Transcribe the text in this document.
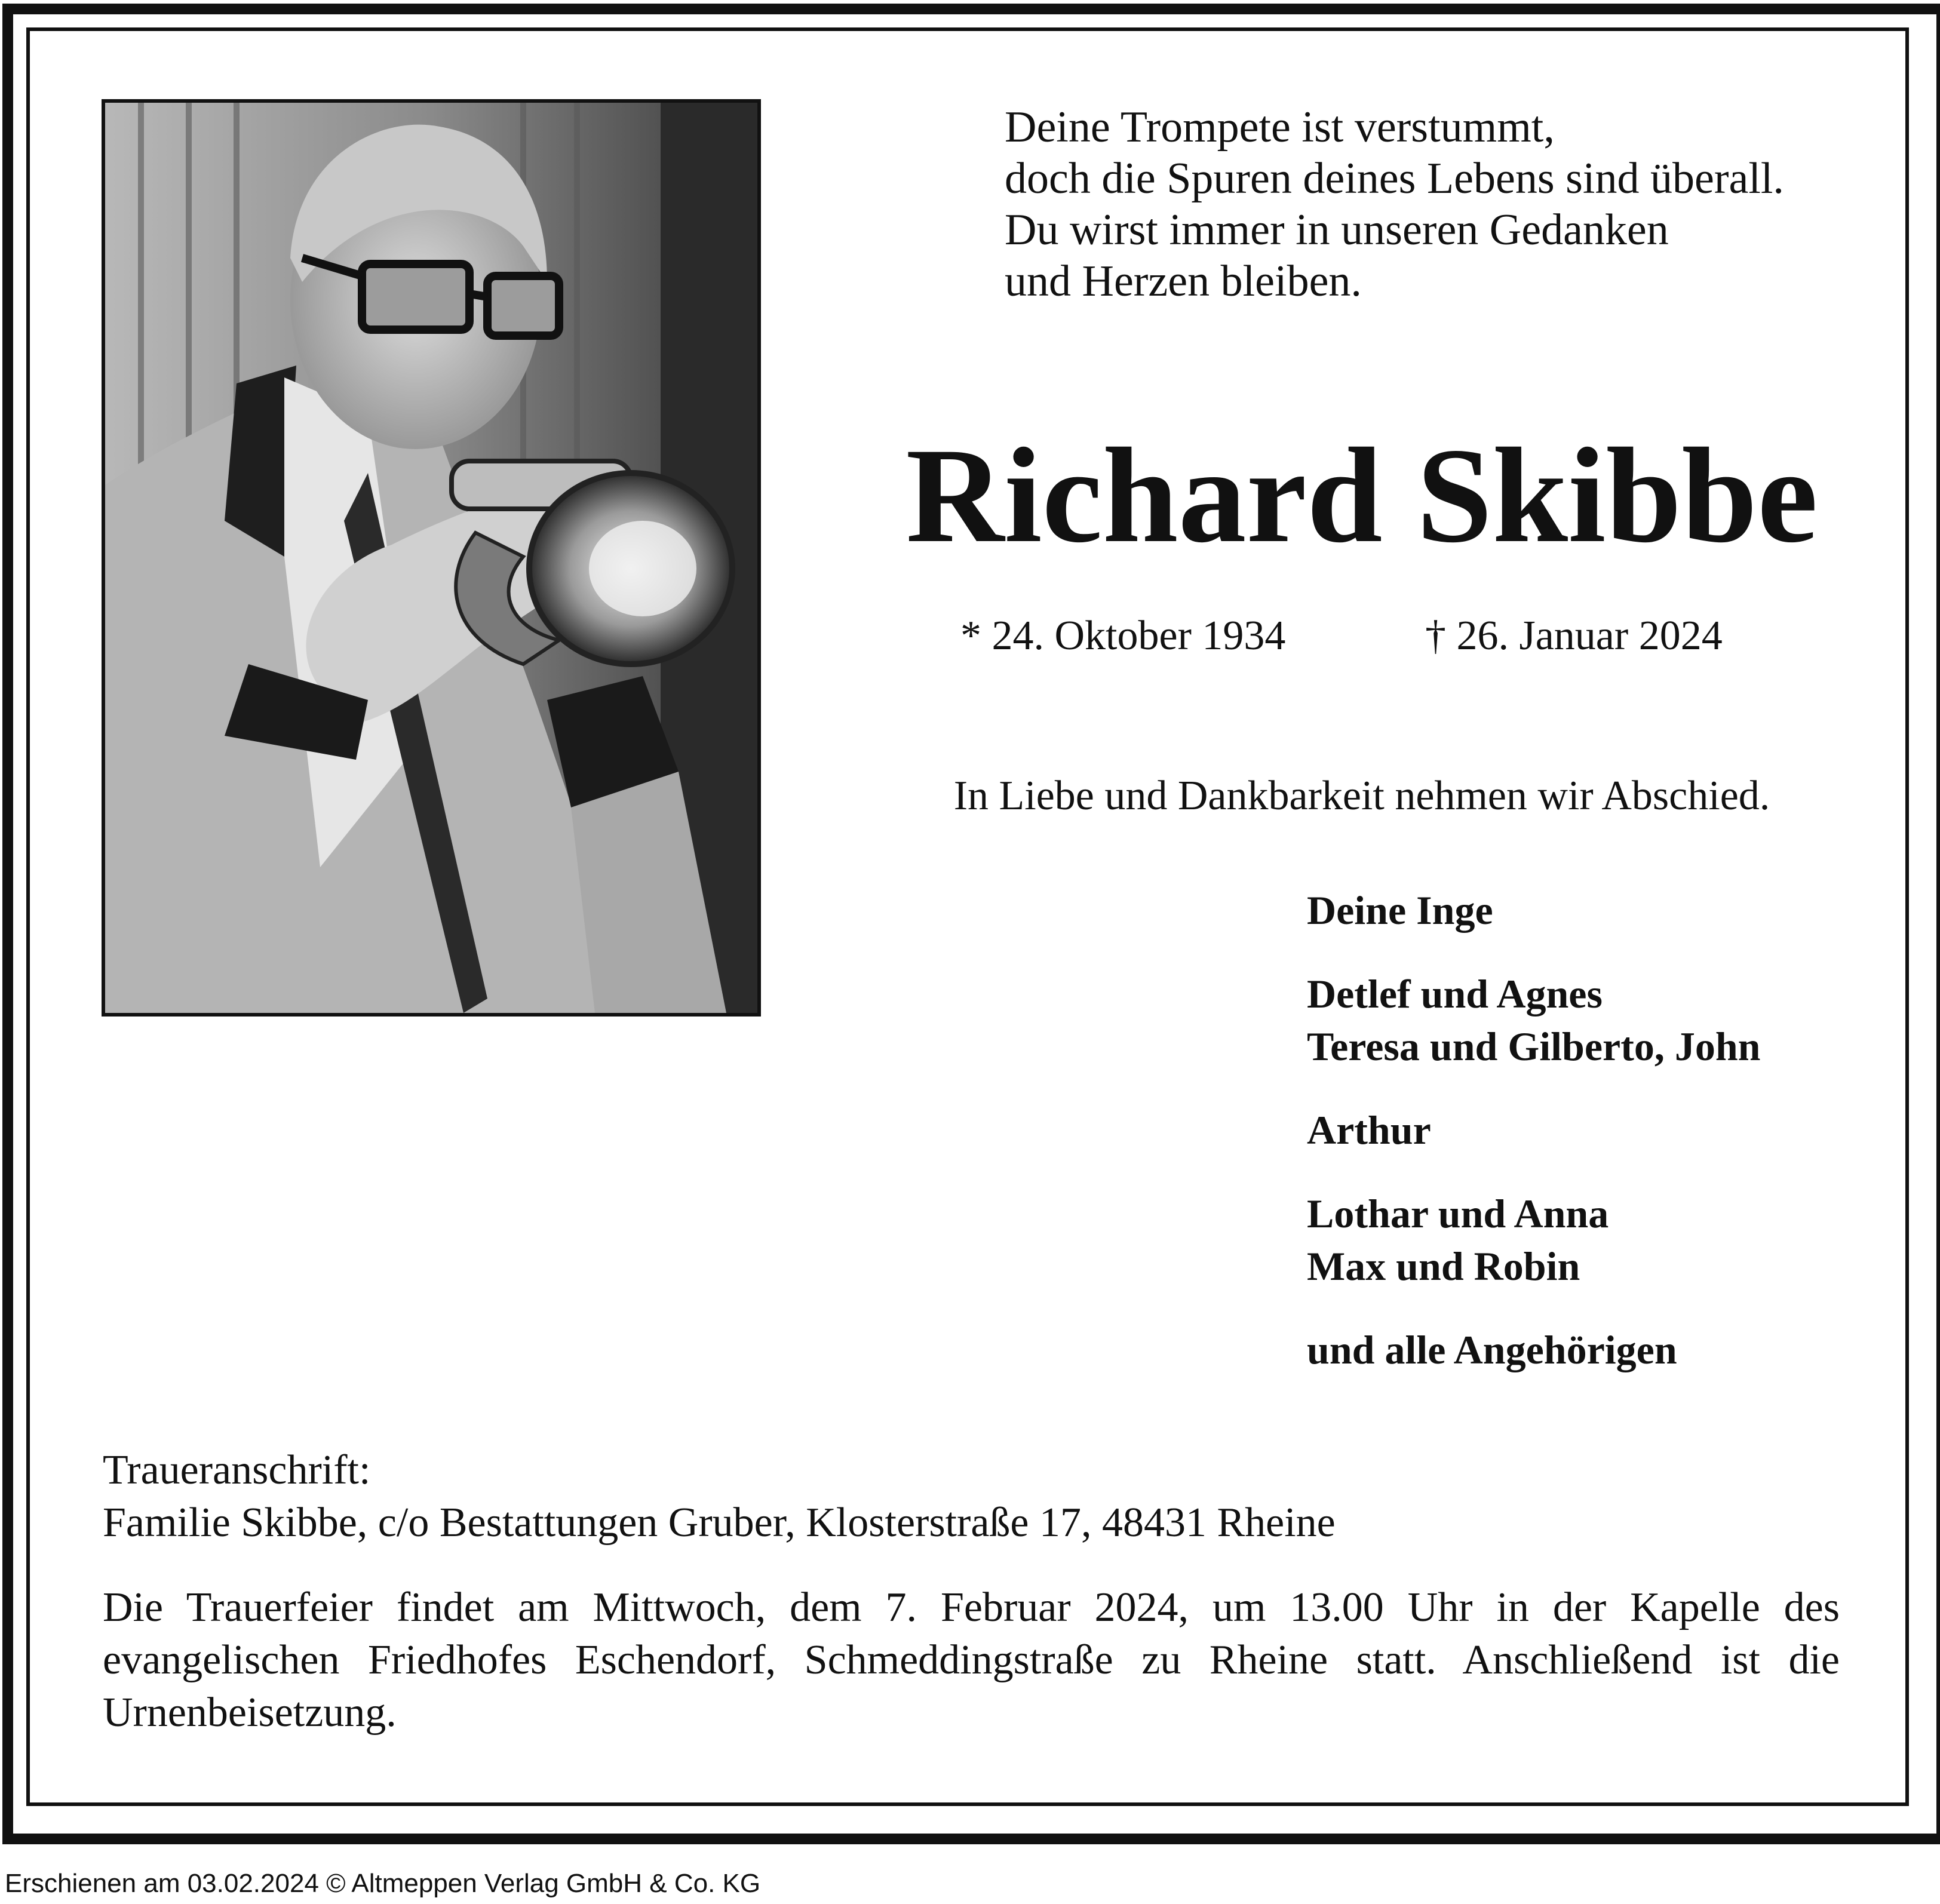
Deine Trompete ist verstummt,
doch die Spuren deines Lebens sind überall.
Du wirst immer in unseren Gedanken
und Herzen bleiben.
Richard Skibbe
* 24. Oktober 1934	† 26. Januar 2024
In Liebe und Dankbarkeit nehmen wir Abschied.
Deine Inge
Detlef und Agnes
Teresa und Gilberto, John
Arthur
Lothar und Anna
Max und Robin
und alle Angehörigen
Traueranschrift:
Familie Skibbe, c/o Bestattungen Gruber, Klosterstraße 17, 48431 Rheine
Die Trauerfeier findet am Mittwoch, dem 7. Februar 2024, um 13.00 Uhr in der Kapelle des evangelischen Friedhofes Eschendorf, Schmeddingstraße zu Rheine statt. Anschließend ist die Urnenbeisetzung.
Erschienen am 03.02.2024 © Altmeppen Verlag GmbH & Co. KG
